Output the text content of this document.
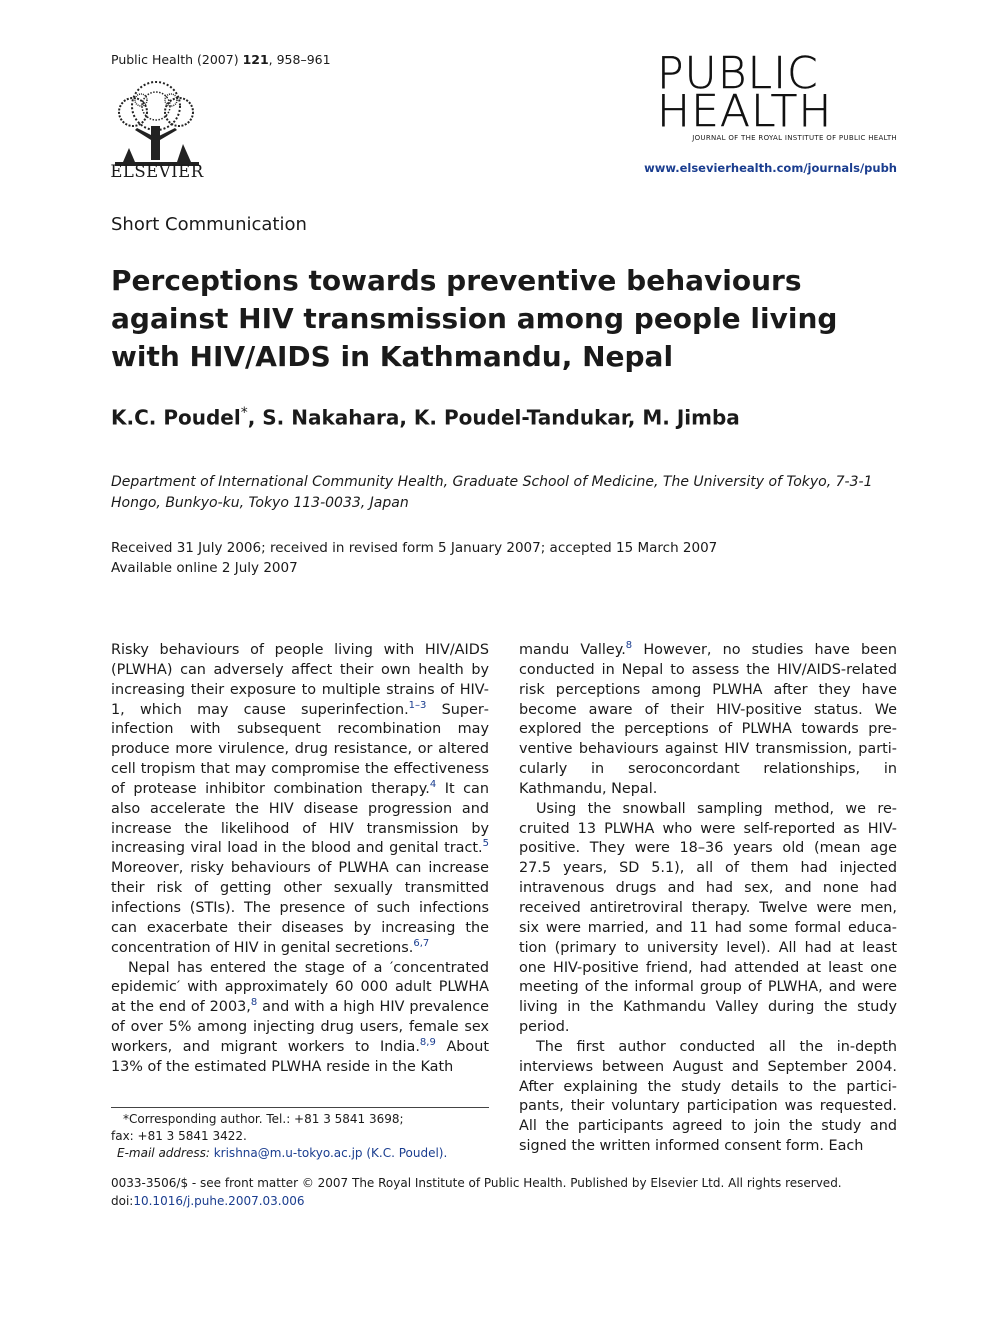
Public Health (2007) 121, 958–961
ELSEVIER
PUBLIC
HEALTH
JOURNAL OF THE ROYAL INSTITUTE OF PUBLIC HEALTH
www.elsevierhealth.com/journals/pubh
Short Communication
Perceptions towards preventive behaviours against HIV transmission among people living with HIV/AIDS in Kathmandu, Nepal
K.C. Poudel*, S. Nakahara, K. Poudel-Tandukar, M. Jimba
Department of International Community Health, Graduate School of Medicine, The University of Tokyo, 7-3-1 Hongo, Bunkyo-ku, Tokyo 113-0033, Japan
Received 31 July 2006; received in revised form 5 January 2007; accepted 15 March 2007
Available online 2 July 2007

Risky behaviours of people living with HIV/AIDS (PLWHA) can adversely affect their own health by increasing their exposure to multiple strains of HIV-1, which may cause superinfection.$^{1-3}$ Superinfection with subsequent recombination may produce more virulence, drug resistance, or altered cell tropism that may compromise the effectiveness of protease inhibitor combination therapy.$^4$ It can also accelerate the HIV disease progression and increase the likelihood of HIV transmission by increasing viral load in the blood and genital tract.$^5$ Moreover, risky behaviours of PLWHA can increase their risk of getting other sexually transmitted infections (STIs). The presence of such infections can exacerbate their diseases by increasing the concentration of HIV in genital secretions.$^{6,7}$

Nepal has entered the stage of a ′concentrated epidemic′ with approximately 60 000 adult PLWHA at the end of 2003,$^8$ and with a high HIV prevalence of over 5% among injecting drug users, female sex workers, and migrant workers to India.$^{8,9}$ About 13% of the estimated PLWHA reside in the Kath

mandu Valley.$^8$ However, no studies have been conducted in Nepal to assess the HIV/AIDS-related risk perceptions among PLWHA after they have become aware of their HIV-positive status. We explored the perceptions of PLWHA towards preventive behaviours against HIV transmission, particularly in seroconcordant relationships, in Kathmandu, Nepal.

Using the snowball sampling method, we recruited 13 PLWHA who were self-reported as HIV-positive. They were 18–36 years old (mean age 27.5 years, SD 5.1), all of them had injected intravenous drugs and had sex, and none had received antiretroviral therapy. Twelve were men, six were married, and 11 had some formal education (primary to university level). All had at least one HIV-positive friend, had attended at least one meeting of the informal group of PLWHA, and were living in the Kathmandu Valley during the study period.

The first author conducted all the in-depth interviews between August and September 2004. After explaining the study details to the participants, their voluntary participation was requested. All the participants agreed to join the study and signed the written informed consent form. Each

*Corresponding author. Tel.: +81 3 5841 3698;
fax: +81 3 5841 3422.
E-mail address: krishna@m.u-tokyo.ac.jp (K.C. Poudel).
0033-3506/$ - see front matter © 2007 The Royal Institute of Public Health. Published by Elsevier Ltd. All rights reserved.
doi:10.1016/j.puhe.2007.03.006
